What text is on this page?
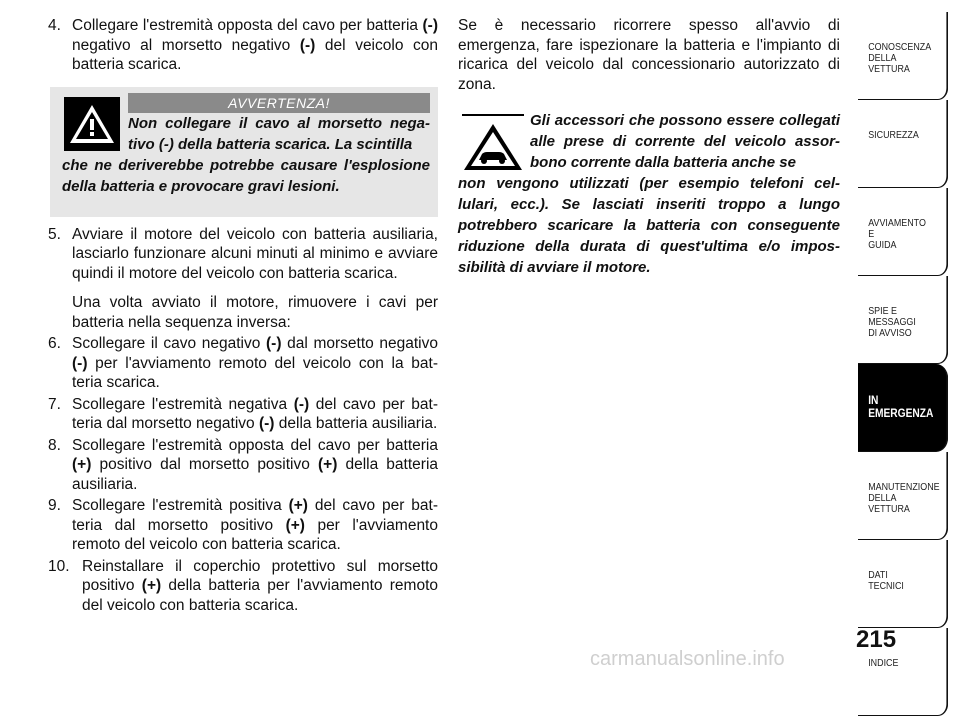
4. Collegare l'estremità opposta del cavo per batteria (-) negativo al morsetto negativo (-) del veicolo con batteria scarica.
AVVERTENZA!
Non collegare il cavo al morsetto nega-tivo (-) della batteria scarica. La scintilla
che ne deriverebbe potrebbe causare l'esplosione della batteria e provocare gravi lesioni.
5. Avviare il motore del veicolo con batteria ausiliaria, lasciarlo funzionare alcuni minuti al minimo e avviare quindi il motore del veicolo con batteria scarica.
Una volta avviato il motore, rimuovere i cavi per batteria nella sequenza inversa:
6. Scollegare il cavo negativo (-) dal morsetto negativo (-) per l'avviamento remoto del veicolo con la bat-teria scarica.
7. Scollegare l'estremità negativa (-) del cavo per bat-teria dal morsetto negativo (-) della batteria ausiliaria.
8. Scollegare l'estremità opposta del cavo per batteria (+) positivo dal morsetto positivo (+) della batteria ausiliaria.
9. Scollegare l'estremità positiva (+) del cavo per bat-teria dal morsetto positivo (+) per l'avviamento remoto del veicolo con batteria scarica.
10. Reinstallare il coperchio protettivo sul morsetto positivo (+) della batteria per l'avviamento remoto del veicolo con batteria scarica.

Se è necessario ricorrere spesso all'avvio di emergenza, fare ispezionare la batteria e l'impianto di ricarica del veicolo dal concessionario autorizzato di zona.

Gli accessori che possono essere collegati alle prese di corrente del veicolo assor-bono corrente dalla batteria anche se
non vengono utilizzati (per esempio telefoni cel-lulari, ecc.). Se lasciati inseriti troppo a lungo potrebbero scaricare la batteria con conseguente riduzione della durata di quest'ultima e/o impos-sibilità di avviare il motore.
CONOSCENZA
DELLA
VETTURA
SICUREZZA
AVVIAMENTO
E
GUIDA
SPIE E
MESSAGGI
DI AVVISO
IN
EMERGENZA
MANUTENZIONE
DELLA
VETTURA
DATI
TECNICI
INDICE
215
carmanualsonline.info
